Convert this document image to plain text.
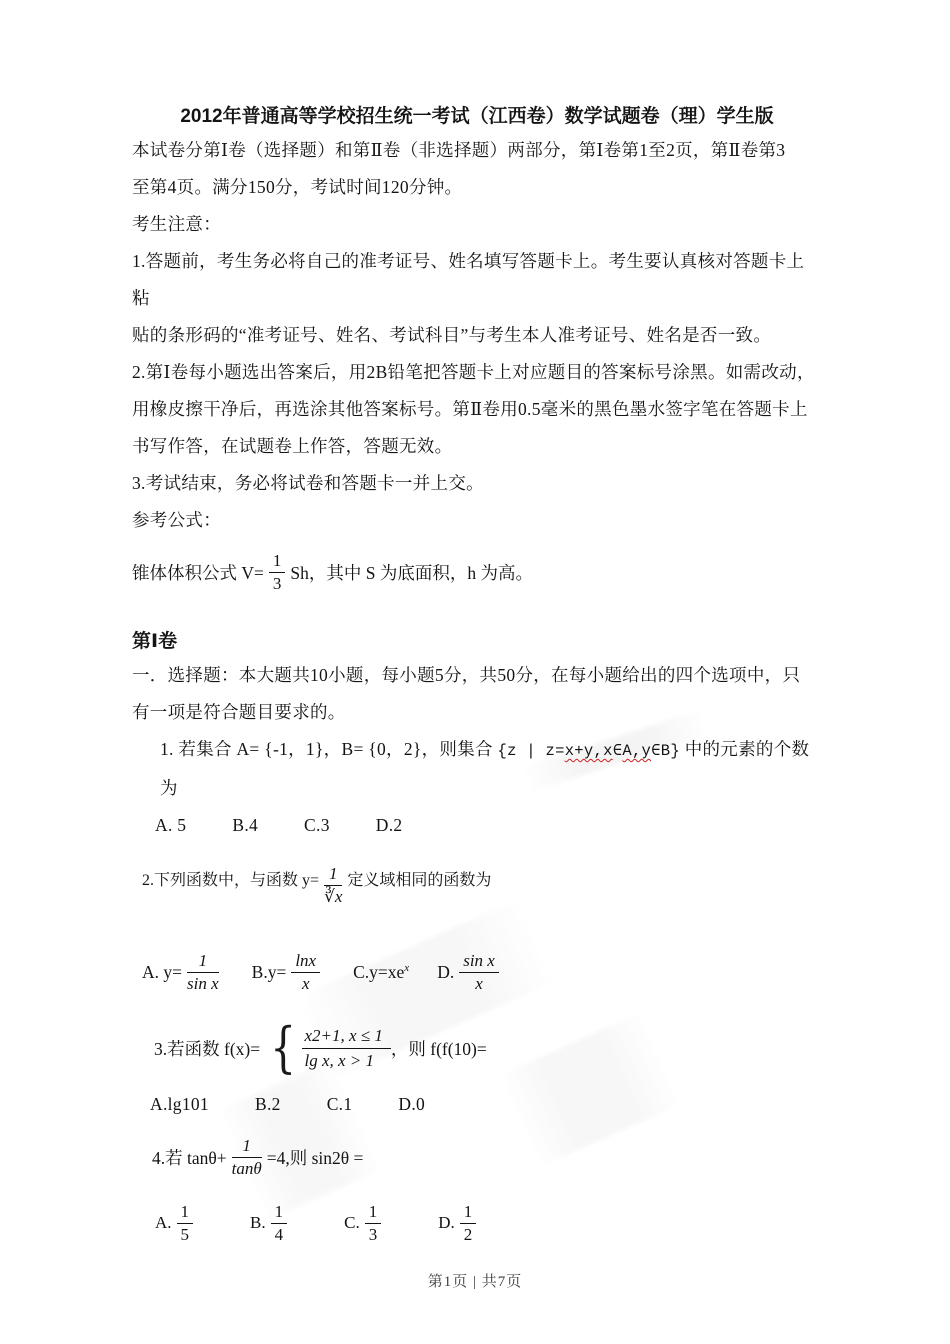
2012年普通高等学校招生统一考试（江西卷）数学试题卷（理）学生版

本试卷分第Ⅰ卷（选择题）和第Ⅱ卷（非选择题）两部分，第Ⅰ卷第1至2页，第Ⅱ卷第3

至第4页。满分150分，考试时间120分钟。

考生注意：

1.答题前，考生务必将自己的准考证号、姓名填写答题卡上。考生要认真核对答题卡上粘

贴的条形码的“准考证号、姓名、考试科目”与考生本人准考证号、姓名是否一致。

2.第Ⅰ卷每小题选出答案后，用2B铅笔把答题卡上对应题目的答案标号涂黑。如需改动，

用橡皮擦干净后，再选涂其他答案标号。第Ⅱ卷用0.5毫米的黑色墨水签字笔在答题卡上

书写作答，在试题卷上作答，答题无效。

3.考试结束，务必将试卷和答题卡一并上交。

参考公式：

锥体体积公式 $V= \frac{1}{3}$ Sh，其中 S 为底面积，h 为高。
第Ⅰ卷

一．选择题：本大题共10小题，每小题5分，共50分，在每小题给出的四个选项中，只

有一项是符合题目要求的。

1. 若集合 A= {-1，1}，B= {0，2}，则集合 {z | z=x+y,x∈A,y∈B} 中的元素的个数为

A. 5	B.4	C.3	D.2

2.下列函数中，与函数 $y= \frac{1}{∛x}$ 定义域相同的函数为
A. $y= \frac{1}{\text{sin x}} B.y= \frac{\ln x}{x} C.y=xe^x$ D. $\frac{\text{sin x}}{x}$
3.若函数 f(x)= { x2+1, x ≤ 1
lg x, x > 1
，则 f(f(10)=

A.lg101	B.2	C.1	D.0

4.若 $\tan\theta+ \frac{1}{\tan\theta} =4$,则 sin2θ =
A. $\frac{1}{5}$	B. $\frac{1}{4}$	C. $\frac{1}{3}$	D. $\frac{1}{2}$
第1页 | 共7页
